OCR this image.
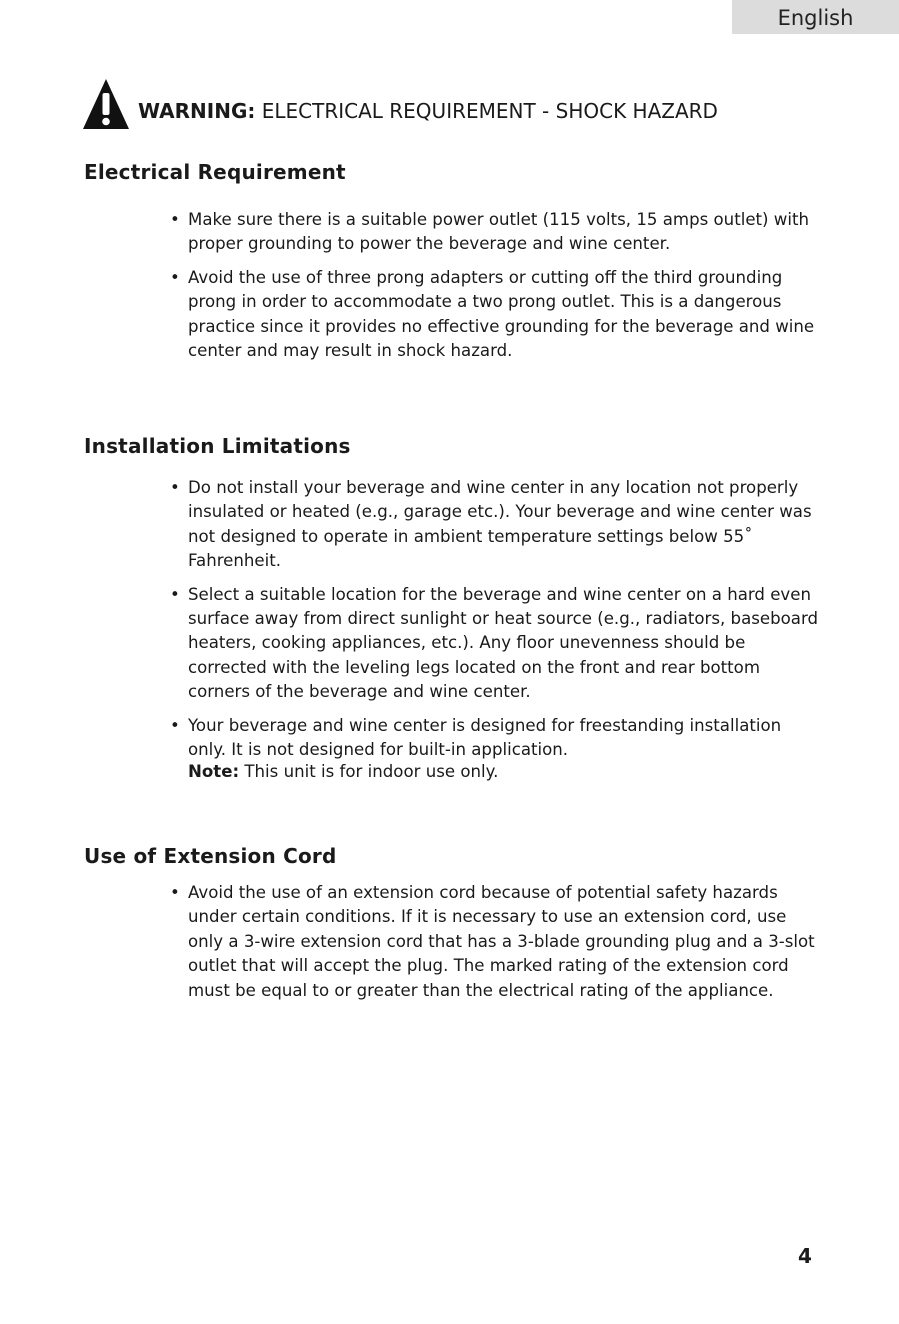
English
WARNING: ELECTRICAL REQUIREMENT - SHOCK HAZARD
Electrical Requirement
• Make sure there is a suitable power outlet (115 volts, 15 amps outlet) with proper grounding to power the beverage and wine center.
• Avoid the use of three prong adapters or cutting off the third grounding prong in order to accommodate a two prong outlet. This is a dangerous practice since it provides no effective grounding for the beverage and wine center and may result in shock hazard.
Installation Limitations
• Do not install your beverage and wine center in any location not properly insulated or heated (e.g., garage etc.). Your beverage and wine center was not designed to operate in ambient temperature settings below 55˚ Fahrenheit.
• Select a suitable location for the beverage and wine center on a hard even surface away from direct sunlight or heat source (e.g., radiators, baseboard heaters, cooking appliances, etc.). Any floor unevenness should be corrected with the leveling legs located on the front and rear bottom corners of the beverage and wine center.
• Your beverage and wine center is designed for freestanding installation only. It is not designed for built-in application.
Note: This unit is for indoor use only.
Use of Extension Cord
• Avoid the use of an extension cord because of potential safety hazards under certain conditions. If it is necessary to use an extension cord, use only a 3-wire extension cord that has a 3-blade grounding plug and a 3-slot outlet that will accept the plug. The marked rating of the extension cord must be equal to or greater than the electrical rating of the appliance.
4
